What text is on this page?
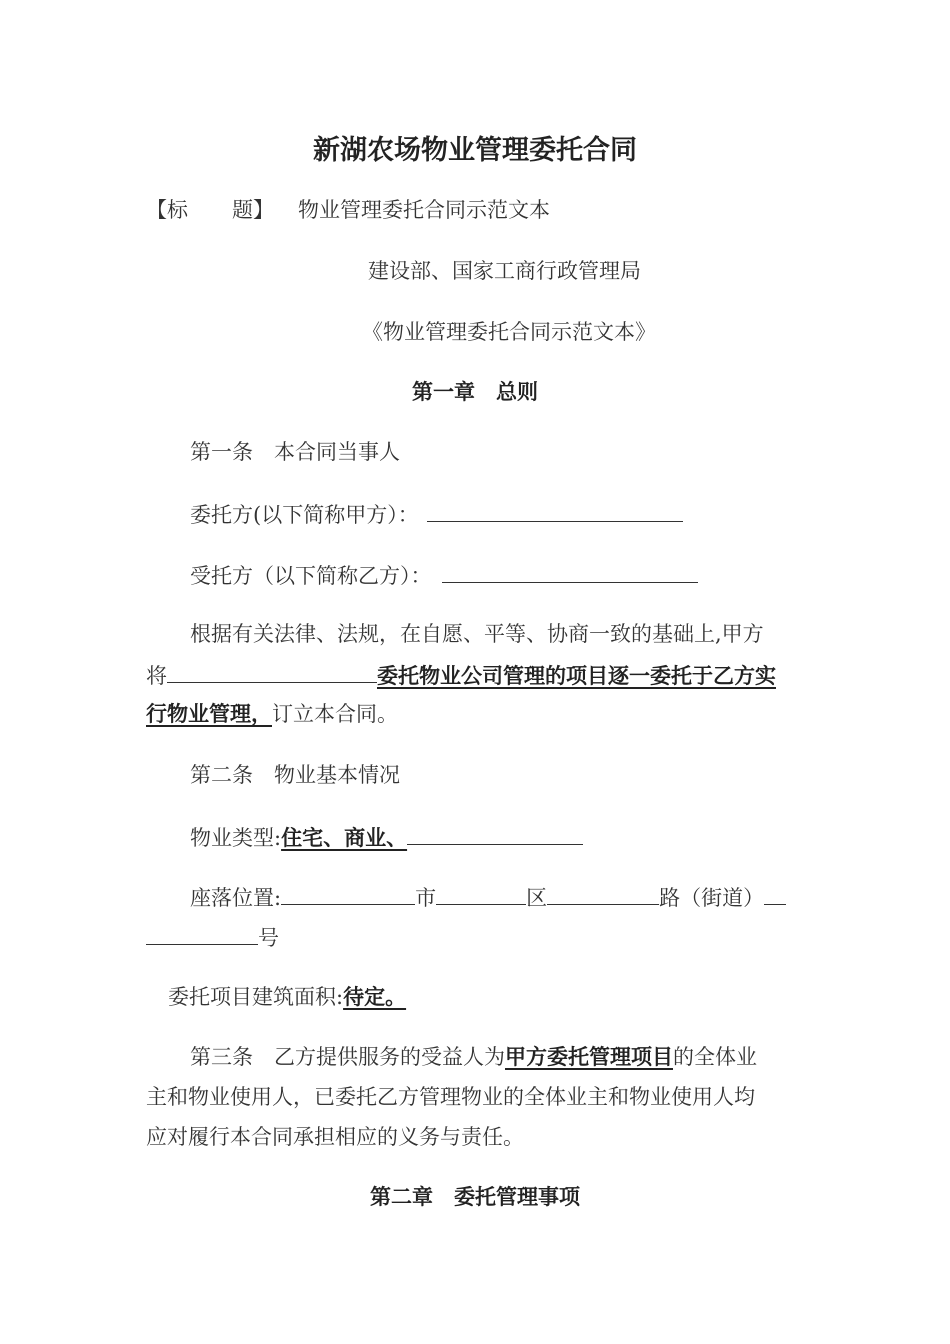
新湖农场物业管理委托合同
【标 题】 物业管理委托合同示范文本
建设部、国家工商行政管理局
《物业管理委托合同示范文本》
第一章　总则
第一条　本合同当事人
委托方(以下简称甲方）：
受托方（以下简称乙方）：
根据有关法律、法规，在自愿、平等、协商一致的基础上,甲方
将	委托物业公司管理的项目逐一委托于乙方实
行物业管理，订立本合同。
第二条　物业基本情况
物业类型:住宅、商业、
座落位置:	市	区	路（街道）
号
委托项目建筑面积:待定。
第三条　乙方提供服务的受益人为甲方委托管理项目的全体业
主和物业使用人，已委托乙方管理物业的全体业主和物业使用人均
应对履行本合同承担相应的义务与责任。
第二章　委托管理事项
